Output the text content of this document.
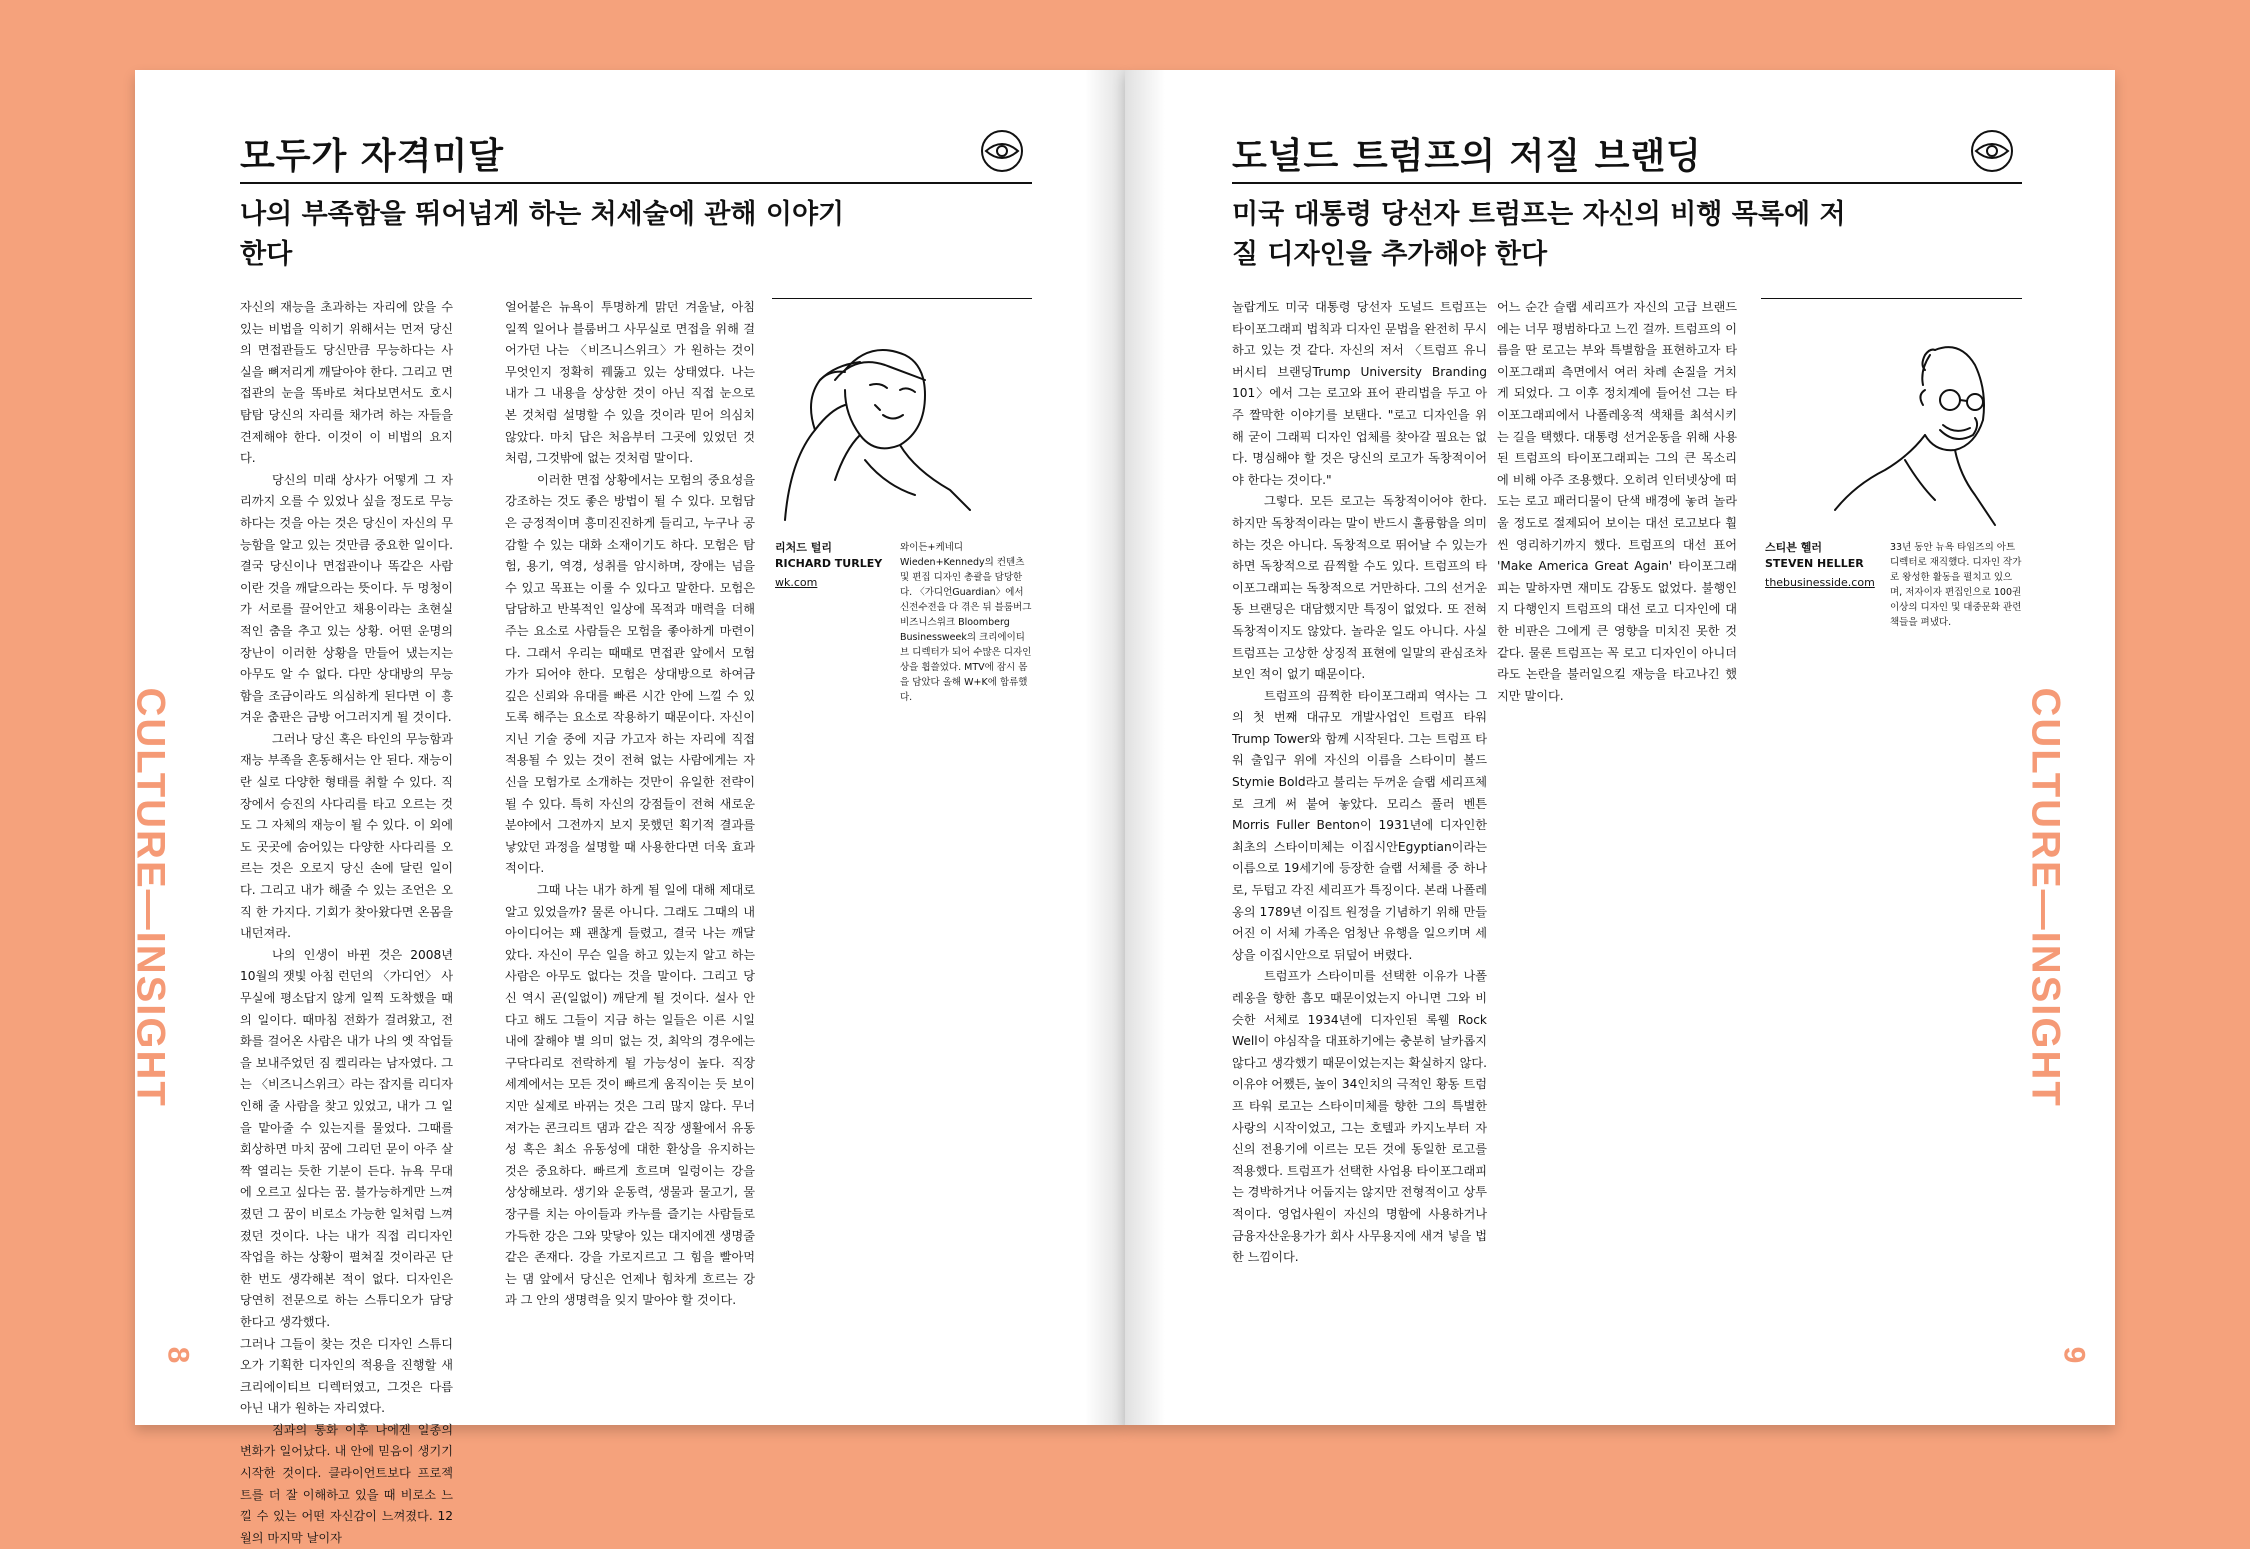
모두가 자격미달
나의 부족함을 뛰어넘게 하는 처세술에 관해 이야기한다

자신의 재능을 초과하는 자리에 앉을 수 있는 비법을 익히기 위해서는 먼저 당신의 면접관들도 당신만큼 무능하다는 사실을 뼈저리게 깨달아야 한다. 그리고 면접관의 눈을 똑바로 쳐다보면서도 호시탐탐 당신의 자리를 채가려 하는 자들을 견제해야 한다. 이것이 이 비법의 요지다.

당신의 미래 상사가 어떻게 그 자리까지 오를 수 있었나 싶을 정도로 무능하다는 것을 아는 것은 당신이 자신의 무능함을 알고 있는 것만큼 중요한 일이다. 결국 당신이나 면접관이나 똑같은 사람이란 것을 깨달으라는 뜻이다. 두 멍청이가 서로를 끌어안고 채용이라는 초현실적인 춤을 추고 있는 상황. 어떤 운명의 장난이 이러한 상황을 만들어 냈는지는 아무도 알 수 없다. 다만 상대방의 무능함을 조금이라도 의심하게 된다면 이 흥겨운 춤판은 금방 어그러지게 될 것이다.

그러나 당신 혹은 타인의 무능함과 재능 부족을 혼동해서는 안 된다. 재능이란 실로 다양한 형태를 취할 수 있다. 직장에서 승진의 사다리를 타고 오르는 것도 그 자체의 재능이 될 수 있다. 이 외에도 곳곳에 숨어있는 다양한 사다리를 오르는 것은 오로지 당신 손에 달린 일이다. 그리고 내가 해줄 수 있는 조언은 오직 한 가지다. 기회가 찾아왔다면 온몸을 내던져라.

나의 인생이 바뀐 것은 2008년 10월의 잿빛 아침 런던의 〈가디언〉 사무실에 평소답지 않게 일찍 도착했을 때의 일이다. 때마침 전화가 걸려왔고, 전화를 걸어온 사람은 내가 나의 옛 작업들을 보내주었던 짐 켈리라는 남자였다. 그는 〈비즈니스위크〉라는 잡지를 리디자인해 줄 사람을 찾고 있었고, 내가 그 일을 맡아줄 수 있는지를 물었다. 그때를 회상하면 마치 꿈에 그리던 문이 아주 살짝 열리는 듯한 기분이 든다. 뉴욕 무대에 오르고 싶다는 꿈. 불가능하게만 느껴졌던 그 꿈이 비로소 가능한 일처럼 느껴졌던 것이다. 나는 내가 직접 리디자인 작업을 하는 상황이 펼쳐질 것이라곤 단 한 번도 생각해본 적이 없다. 디자인은 당연히 전문으로 하는 스튜디오가 담당한다고 생각했다.

그러나 그들이 찾는 것은 디자인 스튜디오가 기획한 디자인의 적용을 진행할 새 크리에이티브 디렉터였고, 그것은 다름 아닌 내가 원하는 자리였다.

짐과의 통화 이후 나에겐 일종의 변화가 일어났다. 내 안에 믿음이 생기기 시작한 것이다. 클라이언트보다 프로젝트를 더 잘 이해하고 있을 때 비로소 느낄 수 있는 어떤 자신감이 느껴졌다. 12월의 마지막 날이자

얼어붙은 뉴욕이 투명하게 맑던 겨울날, 아침 일찍 일어나 블룸버그 사무실로 면접을 위해 걸어가던 나는 〈비즈니스위크〉가 원하는 것이 무엇인지 정확히 꿰뚫고 있는 상태였다. 나는 내가 그 내용을 상상한 것이 아닌 직접 눈으로 본 것처럼 설명할 수 있을 것이라 믿어 의심치 않았다. 마치 답은 처음부터 그곳에 있었던 것처럼, 그것밖에 없는 것처럼 말이다.

이러한 면접 상황에서는 모험의 중요성을 강조하는 것도 좋은 방법이 될 수 있다. 모험담은 긍정적이며 흥미진진하게 들리고, 누구나 공감할 수 있는 대화 소재이기도 하다. 모험은 탐험, 용기, 역경, 성취를 암시하며, 장애는 넘을 수 있고 목표는 이룰 수 있다고 말한다. 모험은 담담하고 반복적인 일상에 목적과 매력을 더해주는 요소로 사람들은 모험을 좋아하게 마련이다. 그래서 우리는 때때로 면접관 앞에서 모험가가 되어야 한다. 모험은 상대방으로 하여금 깊은 신뢰와 유대를 빠른 시간 안에 느낄 수 있도록 해주는 요소로 작용하기 때문이다. 자신이 지닌 기술 중에 지금 가고자 하는 자리에 직접 적용될 수 있는 것이 전혀 없는 사람에게는 자신을 모험가로 소개하는 것만이 유일한 전략이 될 수 있다. 특히 자신의 강점들이 전혀 새로운 분야에서 그전까지 보지 못했던 획기적 결과를 낳았던 과정을 설명할 때 사용한다면 더욱 효과적이다.

그때 나는 내가 하게 될 일에 대해 제대로 알고 있었을까? 물론 아니다. 그래도 그때의 내 아이디어는 꽤 괜찮게 들렸고, 결국 나는 깨달았다. 자신이 무슨 일을 하고 있는지 알고 하는 사람은 아무도 없다는 것을 말이다. 그리고 당신 역시 곧(일없이) 깨닫게 될 것이다. 설사 안다고 해도 그들이 지금 하는 일들은 이른 시일 내에 잘해야 별 의미 없는 것, 최악의 경우에는 구닥다리로 전락하게 될 가능성이 높다. 직장 세계에서는 모든 것이 빠르게 움직이는 듯 보이지만 실제로 바뀌는 것은 그리 많지 않다. 무너져가는 콘크리트 댐과 같은 직장 생활에서 유동성 혹은 최소 유동성에 대한 환상을 유지하는 것은 중요하다. 빠르게 흐르며 일렁이는 강을 상상해보라. 생기와 운동력, 생물과 물고기, 물장구를 치는 아이들과 카누를 즐기는 사람들로 가득한 강은 그와 맞닿아 있는 대지에겐 생명줄 같은 존재다. 강을 가로지르고 그 힘을 빨아먹는 댐 앞에서 당신은 언제나 힘차게 흐르는 강과 그 안의 생명력을 잊지 말아야 할 것이다.

리처드 털리
RICHARD TURLEY
wk.com
와이든+케네디 Wieden+Kennedy의 컨텐츠 및 편집 디자인 총괄을 담당한다. 〈가디언Guardian〉에서 신전수전을 다 겪은 뒤 블룸버그 비즈니스위크 Bloomberg Businessweek의 크리에이티브 디렉터가 되어 수많은 디자인상을 휩쓸었다. MTV에 잠시 몸을 담았다 올해 W+K에 합류했다.
CULTURE—INSIGHT
8
도널드 트럼프의 저질 브랜딩
미국 대통령 당선자 트럼프는 자신의 비행 목록에 저질 디자인을 추가해야 한다

놀랍게도 미국 대통령 당선자 도널드 트럼프는 타이포그래피 법칙과 디자인 문법을 완전히 무시하고 있는 것 같다. 자신의 저서 〈트럼프 유니버시티 브랜딩Trump University Branding 101〉에서 그는 로고와 표어 관리법을 두고 아주 짤막한 이야기를 보탠다. "로고 디자인을 위해 굳이 그래픽 디자인 업체를 찾아갈 필요는 없다. 명심해야 할 것은 당신의 로고가 독창적이어야 한다는 것이다."

그렇다. 모든 로고는 독창적이어야 한다. 하지만 독창적이라는 말이 반드시 훌륭함을 의미하는 것은 아니다. 독창적으로 뛰어날 수 있는가 하면 독창적으로 끔찍할 수도 있다. 트럼프의 타이포그래피는 독창적으로 거만하다. 그의 선거운동 브랜딩은 대담했지만 특징이 없었다. 또 전혀 독창적이지도 않았다. 놀라운 일도 아니다. 사실 트럼프는 고상한 상징적 표현에 일말의 관심조차 보인 적이 없기 때문이다.

트럼프의 끔찍한 타이포그래피 역사는 그의 첫 번째 대규모 개발사업인 트럼프 타워Trump Tower와 함께 시작된다. 그는 트럼프 타워 출입구 위에 자신의 이름을 스타이미 볼드Stymie Bold라고 불리는 두꺼운 슬랩 세리프체로 크게 써 붙여 놓았다. 모리스 풀러 벤튼Morris Fuller Benton이 1931년에 디자인한 최초의 스타이미체는 이집시안Egyptian이라는 이름으로 19세기에 등장한 슬랩 서체를 중 하나로, 두텁고 각진 세리프가 특징이다. 본래 나폴레옹의 1789년 이집트 원정을 기념하기 위해 만들어진 이 서체 가족은 엄청난 유행을 일으키며 세상을 이집시안으로 뒤덮어 버렸다.

트럼프가 스타이미를 선택한 이유가 나폴레옹을 향한 흠모 때문이었는지 아니면 그와 비슷한 서체로 1934년에 디자인된 록웰 Rock Well이 야심작을 대표하기에는 충분히 날카롭지 않다고 생각했기 때문이었는지는 확실하지 않다. 이유야 어쨌든, 높이 34인치의 극적인 황동 트럼프 타워 로고는 스타이미체를 향한 그의 특별한 사랑의 시작이었고, 그는 호텔과 카지노부터 자신의 전용기에 이르는 모든 것에 동일한 로고를 적용했다. 트럼프가 선택한 사업용 타이포그래피는 경박하거나 어둡지는 않지만 전형적이고 상투적이다. 영업사원이 자신의 명함에 사용하거나 금융자산운용가가 회사 사무용지에 새겨 넣을 법한 느낌이다.

어느 순간 슬랩 세리프가 자신의 고급 브랜드에는 너무 평범하다고 느낀 걸까. 트럼프의 이름을 딴 로고는 부와 특별함을 표현하고자 타이포그래피 측면에서 여러 차례 손질을 거치게 되었다. 그 이후 정치계에 들어선 그는 타이포그래피에서 나폴레옹적 색채를 최석시키는 길을 택했다. 대통령 선거운동을 위해 사용된 트럼프의 타이포그래피는 그의 큰 목소리에 비해 아주 조용했다. 오히려 인터넷상에 떠도는 로고 패러디물이 단색 배경에 놓려 놀라울 정도로 절제되어 보이는 대선 로고보다 훨씬 영리하기까지 했다. 트럼프의 대선 표어 'Make America Great Again' 타이포그래피는 말하자면 재미도 감동도 없었다. 불행인지 다행인지 트럼프의 대선 로고 디자인에 대한 비판은 그에게 큰 영향을 미치진 못한 것 같다. 물론 트럼프는 꼭 로고 디자인이 아니더라도 논란을 불러일으킬 재능을 타고나긴 했지만 말이다.

스티븐 헬러
STEVEN HELLER
thebusinesside.com
33년 동안 뉴욕 타임즈의 아트 디렉터로 재직했다. 디자인 작가로 왕성한 활동을 펼치고 있으며, 저자이자 편집인으로 100권 이상의 디자인 및 대중문화 관련 책들을 펴냈다.
CULTURE—INSIGHT
9
